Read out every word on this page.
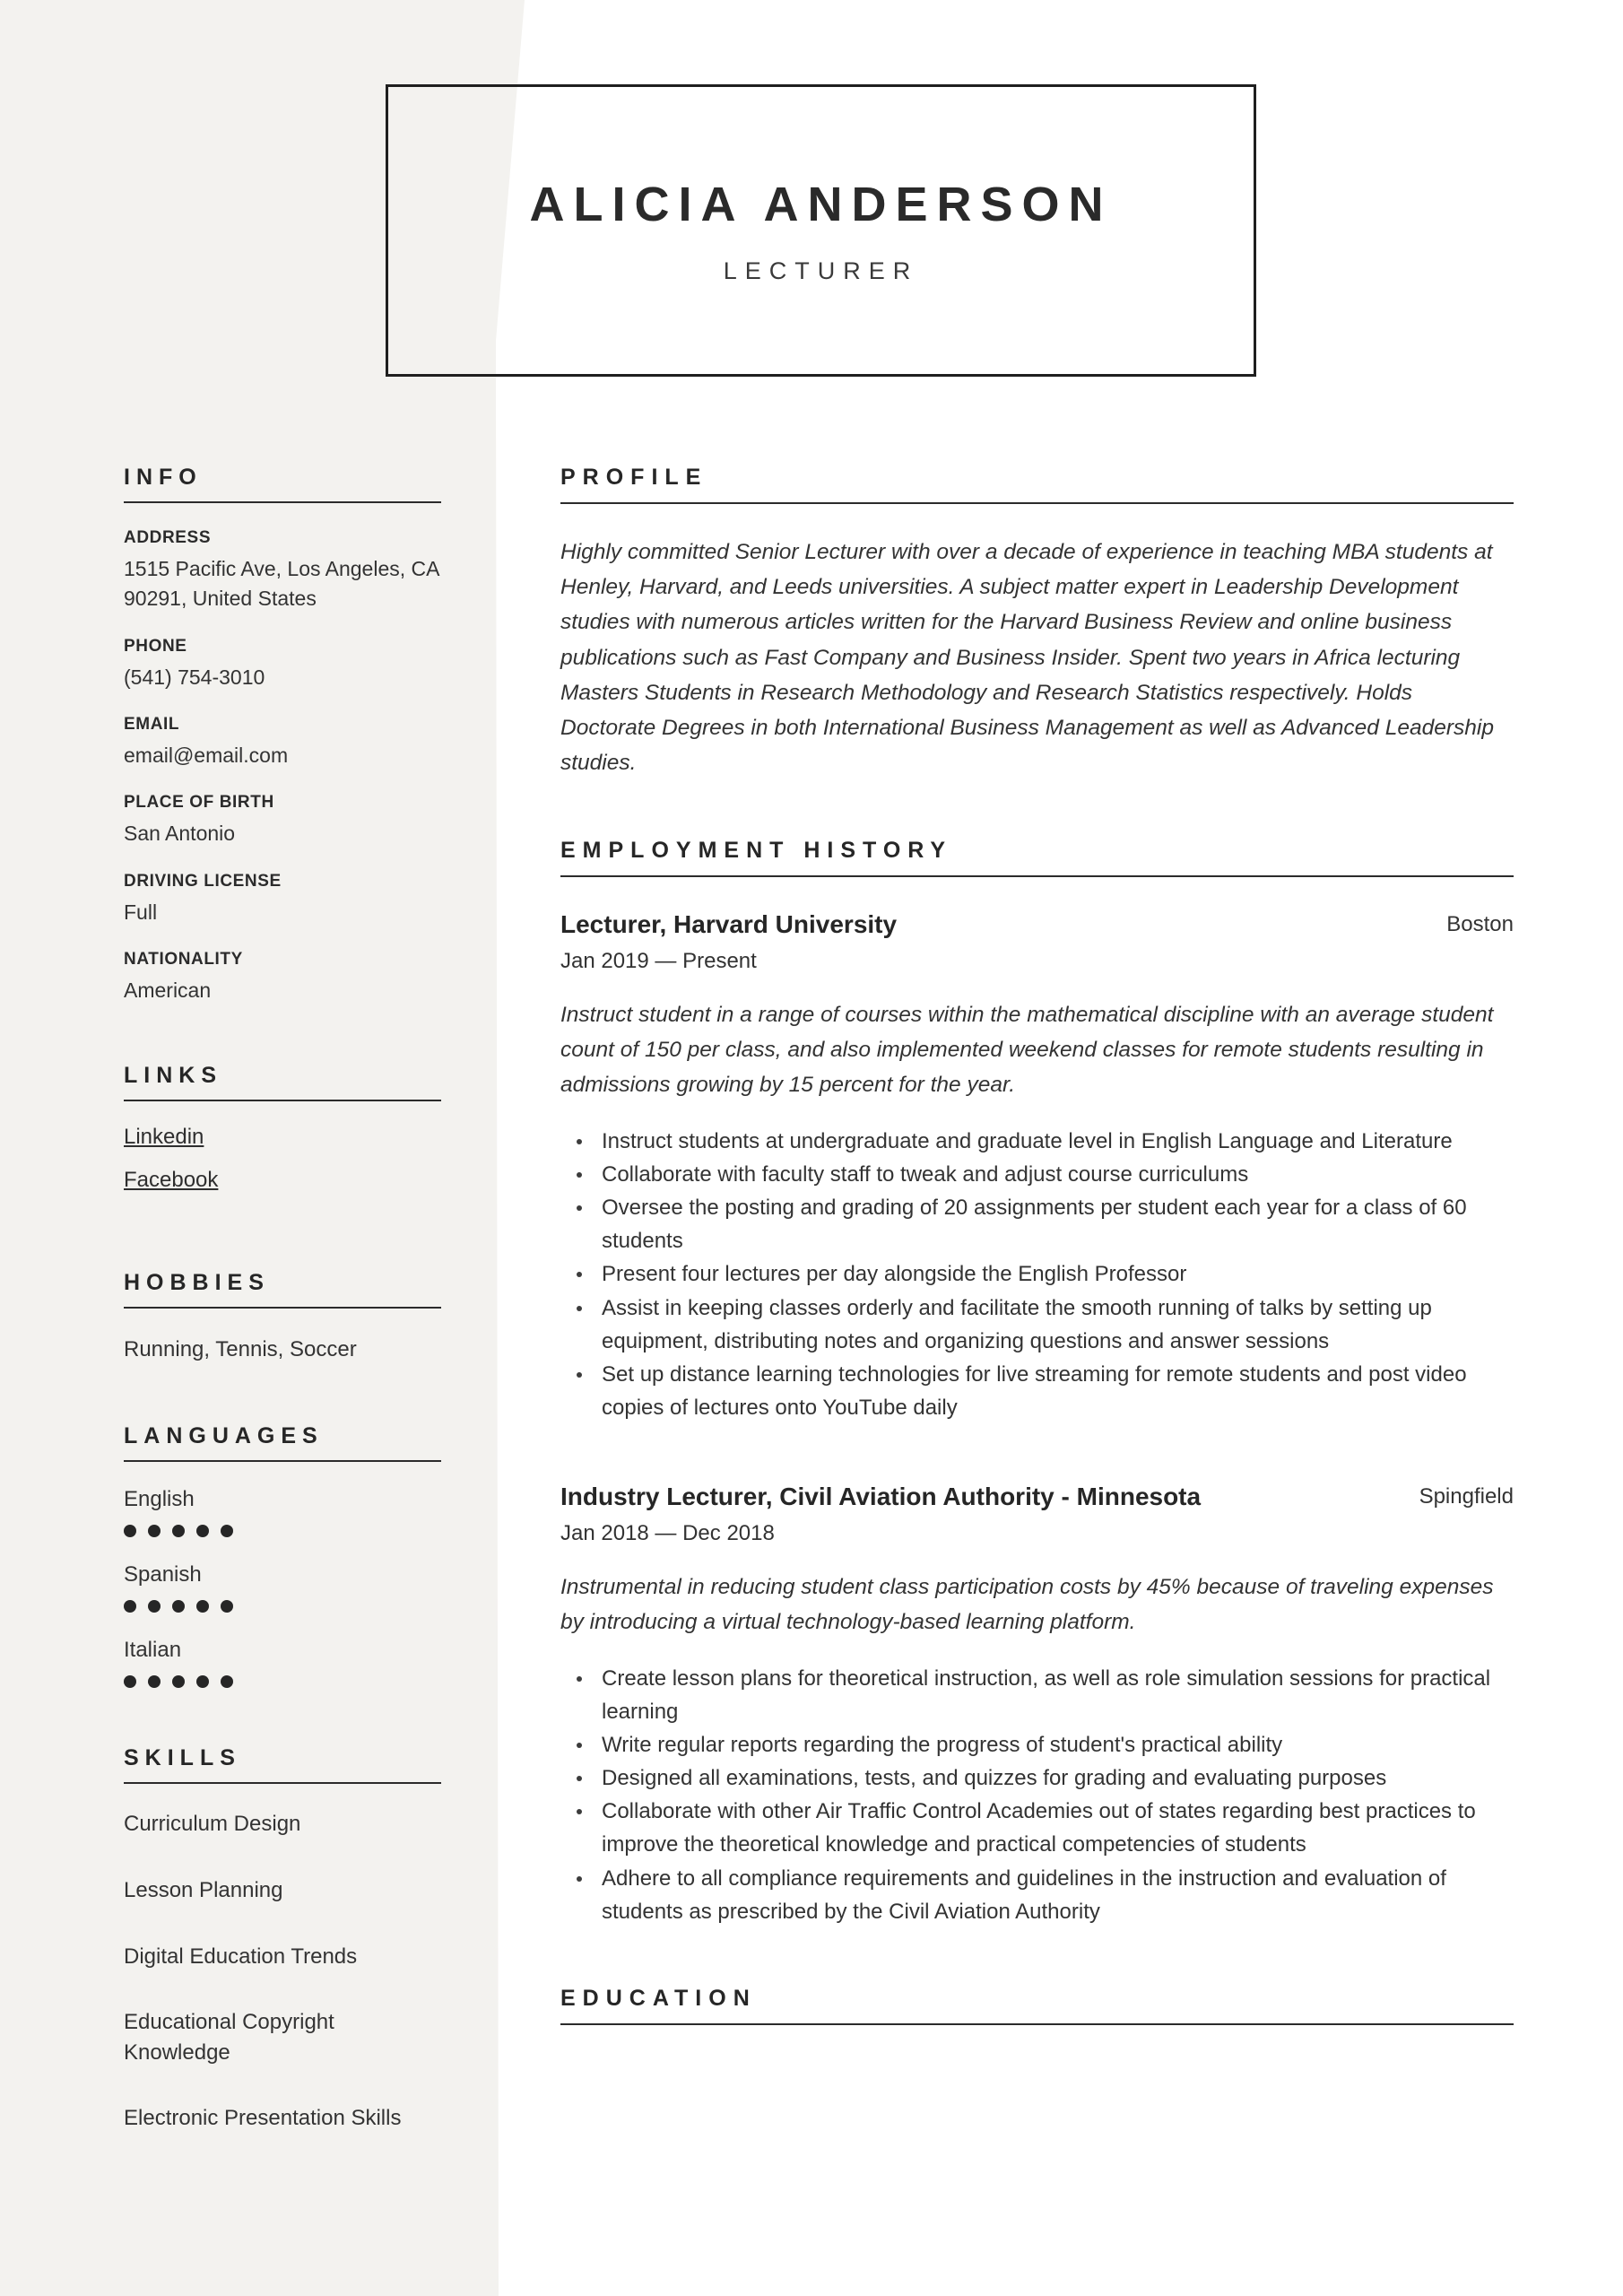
ALICIA ANDERSON
LECTURER
INFO
ADDRESS
1515 Pacific Ave, Los Angeles, CA 90291, United States
PHONE
(541) 754-3010
EMAIL
email@email.com
PLACE OF BIRTH
San Antonio
DRIVING LICENSE
Full
NATIONALITY
American
LINKS
Linkedin
Facebook
HOBBIES
Running, Tennis, Soccer
LANGUAGES
English
Spanish
Italian
SKILLS
Curriculum Design
Lesson Planning
Digital Education Trends
Educational Copyright Knowledge
Electronic Presentation Skills
PROFILE

Highly committed Senior Lecturer with over a decade of experience in teaching MBA students at Henley, Harvard, and Leeds universities. A subject matter expert in Leadership Development studies with numerous articles written for the Harvard Business Review and online business publications such as Fast Company and Business Insider. Spent two years in Africa lecturing Masters Students in Research Methodology and Research Statistics respectively. Holds Doctorate Degrees in both International Business Management as well as Advanced Leadership studies.

EMPLOYMENT HISTORY
Lecturer, Harvard University	Boston
Jan 2019 — Present

Instruct student in a range of courses within the mathematical discipline with an average student count of 150 per class, and also implemented weekend classes for remote students resulting in admissions growing by 15 percent for the year.

Instruct students at undergraduate and graduate level in English Language and Literature
Collaborate with faculty staff to tweak and adjust course curriculums
Oversee the posting and grading of 20 assignments per student each year for a class of 60 students
Present four lectures per day alongside the English Professor
Assist in keeping classes orderly and facilitate the smooth running of talks by setting up equipment, distributing notes and organizing questions and answer sessions
Set up distance learning technologies for live streaming for remote students and post video copies of lectures onto YouTube daily
Industry Lecturer, Civil Aviation Authority - Minnesota	Spingfield
Jan 2018 — Dec 2018

Instrumental in reducing student class participation costs by 45% because of traveling expenses by introducing a virtual technology-based learning platform.

Create lesson plans for theoretical instruction, as well as role simulation sessions for practical learning
Write regular reports regarding the progress of student's practical ability
Designed all examinations, tests, and quizzes for grading and evaluating purposes
Collaborate with other Air Traffic Control Academies out of states regarding best practices to improve the theoretical knowledge and practical competencies of students
Adhere to all compliance requirements and guidelines in the instruction and evaluation of students as prescribed by the Civil Aviation Authority
EDUCATION
